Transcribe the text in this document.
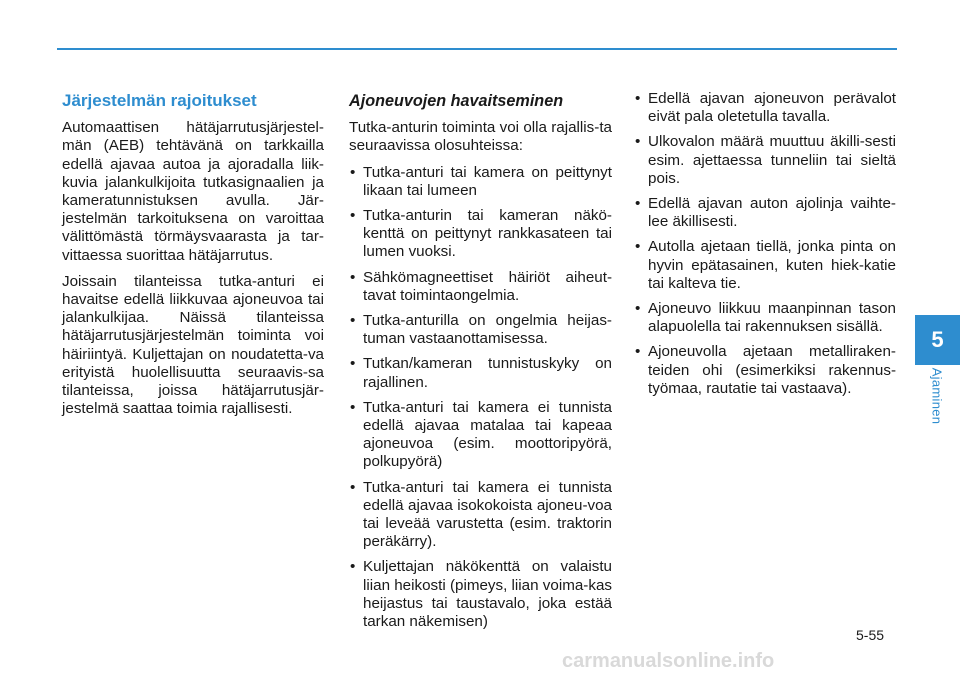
Järjestelmän rajoitukset

Automaattisen hätäjarrutusjärjestel-män (AEB) tehtävänä on tarkkailla edellä ajavaa autoa ja ajoradalla liik-kuvia jalankulkijoita tutkasignaalien ja kameratunnistuksen avulla. Jär-jestelmän tarkoituksena on varoittaa välittömästä törmäysvaarasta ja tar-vittaessa suorittaa hätäjarrutus.

Joissain tilanteissa tutka-anturi ei havaitse edellä liikkuvaa ajoneuvoa tai jalankulkijaa. Näissä tilanteissa hätäjarrutusjärjestelmän toiminta voi häiriintyä. Kuljettajan on noudatetta-va erityistä huolellisuutta seuraavis-sa tilanteissa, joissa hätäjarrutusjär-jestelmä saattaa toimia rajallisesti.

Ajoneuvojen havaitseminen

Tutka-anturin toiminta voi olla rajallis-ta seuraavissa olosuhteissa:

• Tutka-anturi tai kamera on peittynyt likaan tai lumeen
• Tutka-anturin tai kameran näkö-kenttä on peittynyt rankkasateen tai lumen vuoksi.
• Sähkömagneettiset häiriöt aiheut-tavat toimintaongelmia.
• Tutka-anturilla on ongelmia heijas-tuman vastaanottamisessa.
• Tutkan/kameran tunnistuskyky on rajallinen.
• Tutka-anturi tai kamera ei tunnista edellä ajavaa matalaa tai kapeaa ajoneuvoa (esim. moottoripyörä, polkupyörä)
• Tutka-anturi tai kamera ei tunnista edellä ajavaa isokokoista ajoneu-voa tai leveää varustetta (esim. traktorin peräkärry).
• Kuljettajan näkökenttä on valaistu liian heikosti (pimeys, liian voima-kas heijastus tai taustavalo, joka estää tarkan näkemisen)
• Edellä ajavan ajoneuvon perävalot eivät pala oletetulla tavalla.
• Ulkovalon määrä muuttuu äkilli-sesti esim. ajettaessa tunneliin tai sieltä pois.
• Edellä ajavan auton ajolinja vaihte-lee äkillisesti.
• Autolla ajetaan tiellä, jonka pinta on hyvin epätasainen, kuten hiek-katie tai kalteva tie.
• Ajoneuvo liikkuu maanpinnan tason alapuolella tai rakennuksen sisällä.
• Ajoneuvolla ajetaan metalliraken-teiden ohi (esimerkiksi rakennus-työmaa, rautatie tai vastaava).
5
Ajaminen
5-55
carmanualsonline.info
